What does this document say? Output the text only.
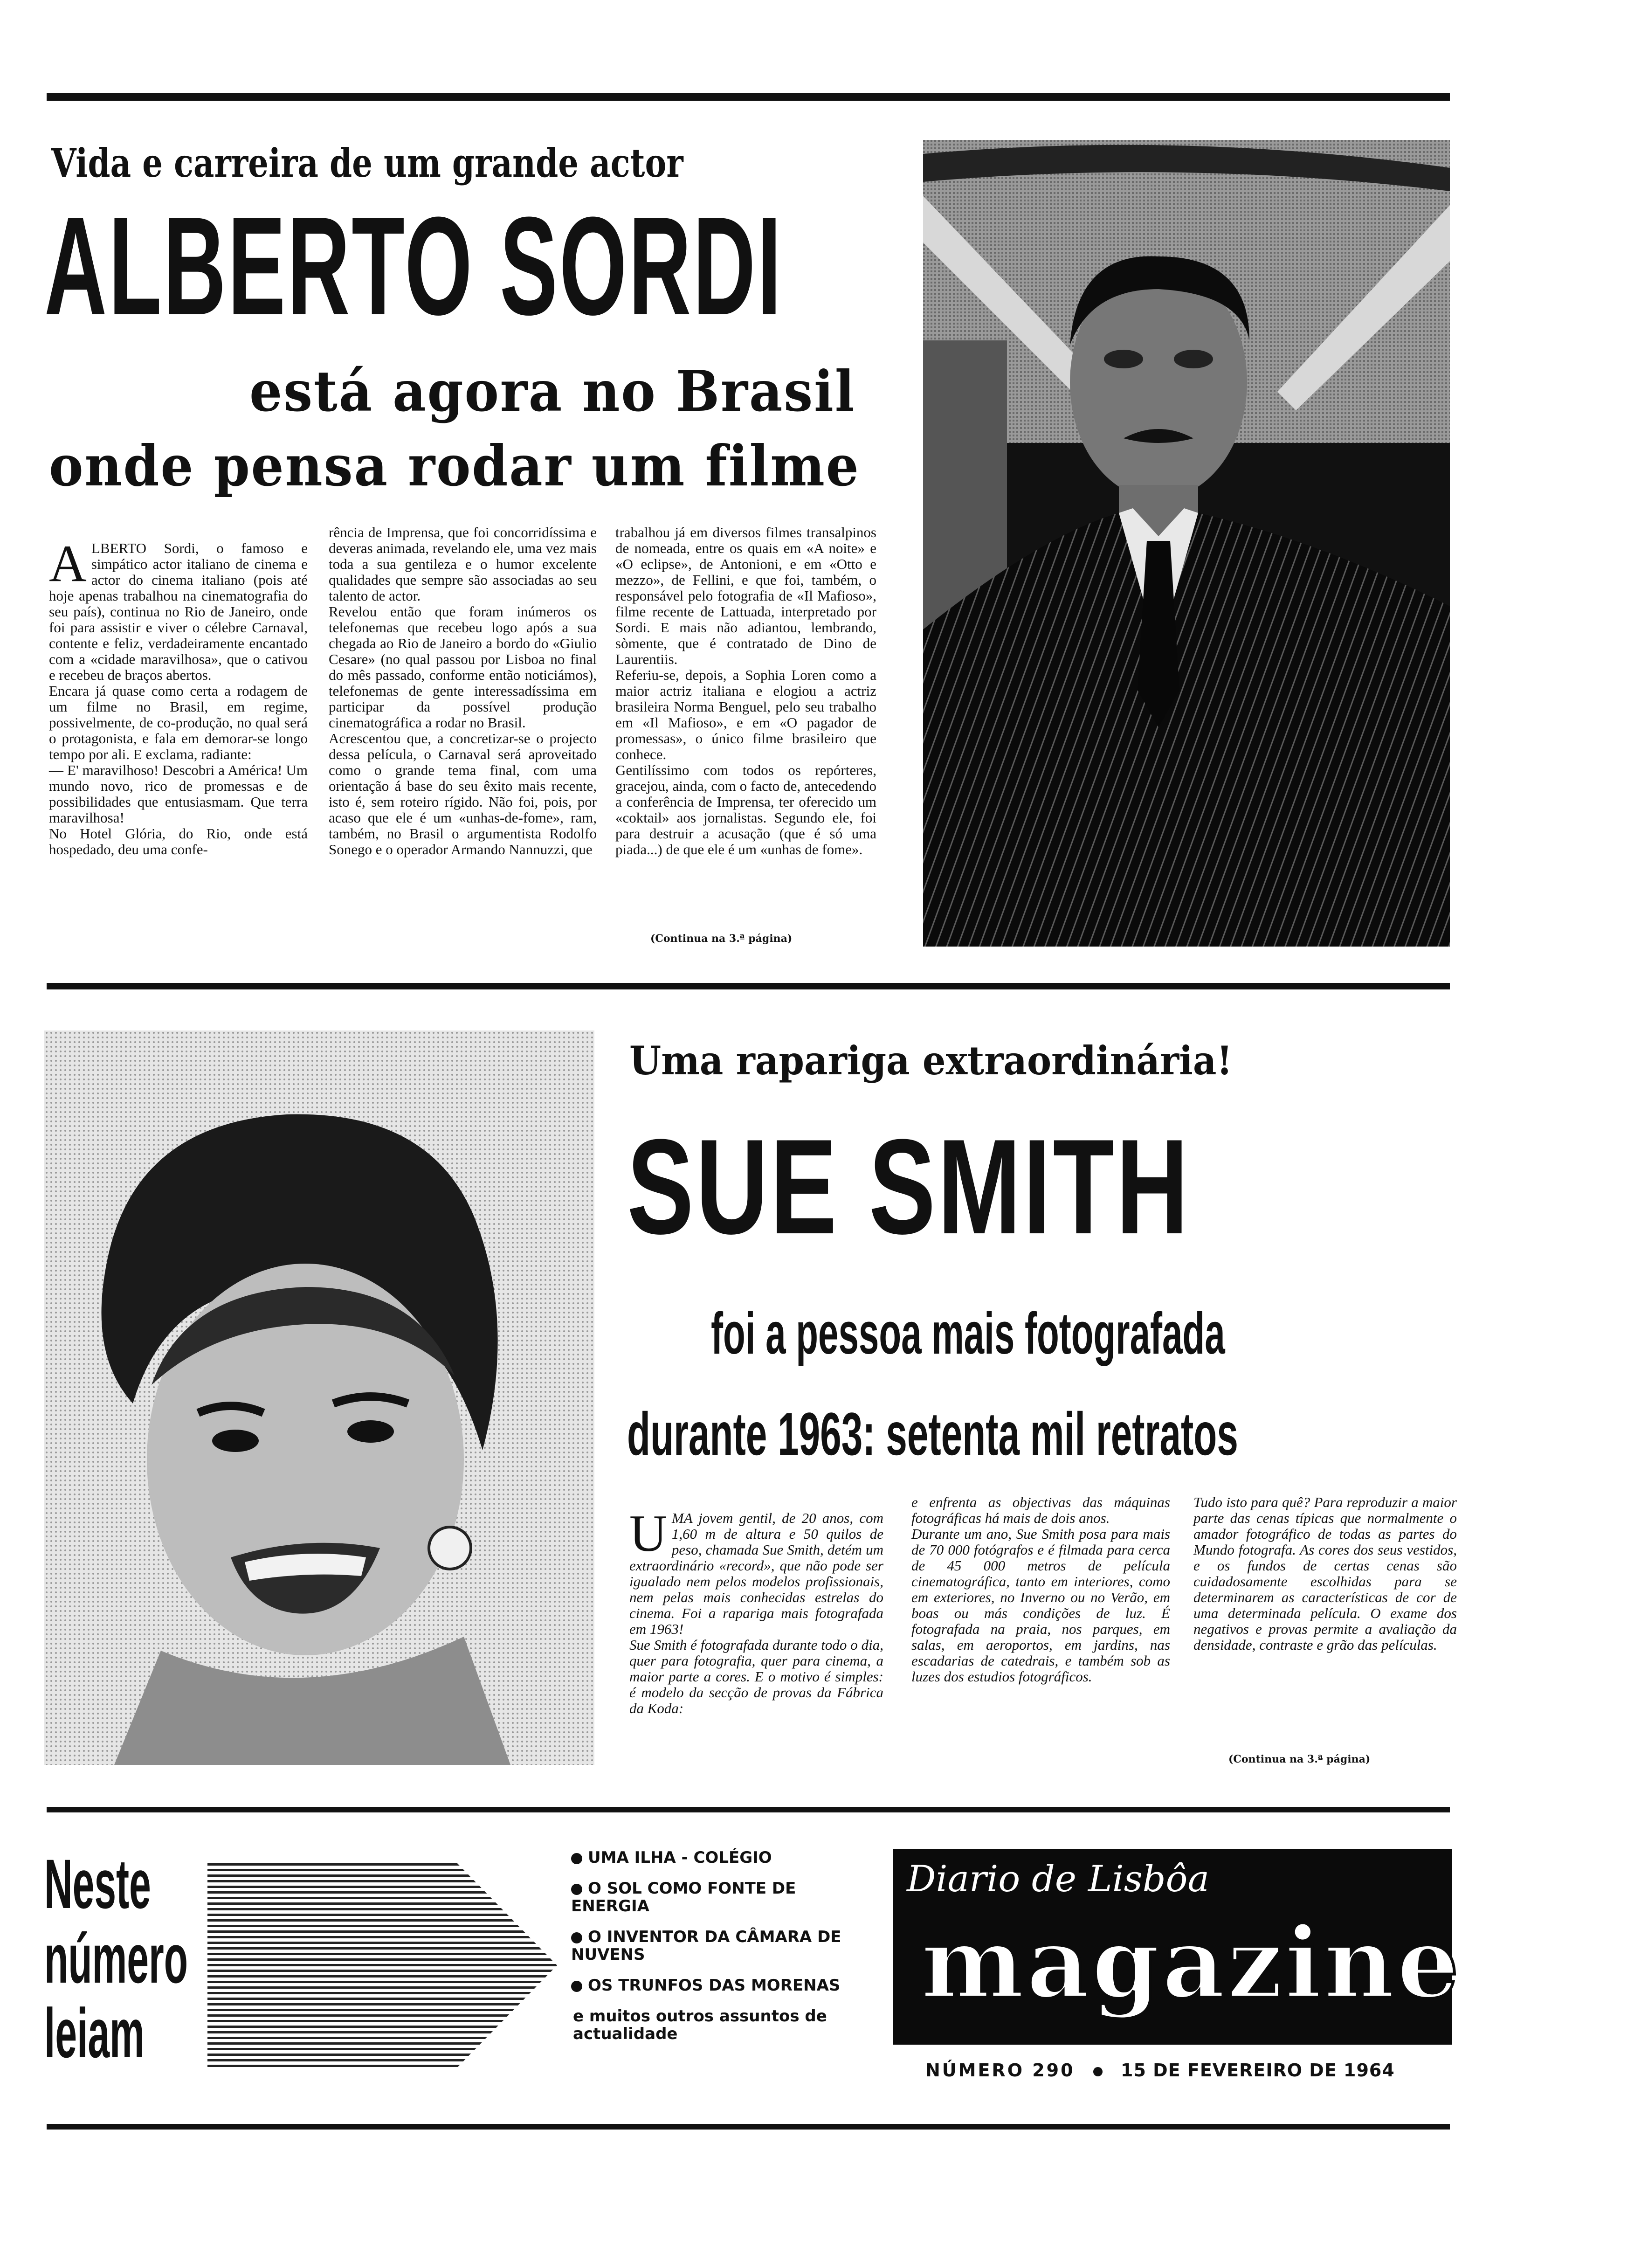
Vida e carreira de um grande actor
ALBERTO SORDI
está agora no Brasil
onde pensa rodar um filme

ALBERTO Sordi, o famoso e simpático actor italiano de cinema e actor do cinema italiano (pois até hoje apenas trabalhou na cinematografia do seu país), continua no Rio de Janeiro, onde foi para assistir e viver o célebre Carnaval, contente e feliz, verdadeiramente encantado com a «cidade maravilhosa», que o cativou e recebeu de braços abertos.
Encara já quase como certa a rodagem de um filme no Brasil, em regime, possivelmente, de co-produção, no qual será o protagonista, e fala em demorar-se longo tempo por ali. E exclama, radiante:
— E' maravilhoso! Descobri a América! Um mundo novo, rico de promessas e de possibilidades que entusiasmam. Que terra maravilhosa!
No Hotel Glória, do Rio, onde está hospedado, deu uma confe-

rência de Imprensa, que foi concorridíssima e deveras animada, revelando ele, uma vez mais toda a sua gentileza e o humor excelente qualidades que sempre são associadas ao seu talento de actor.
Revelou então que foram inúmeros os telefonemas que recebeu logo após a sua chegada ao Rio de Janeiro a bordo do «Giulio Cesare» (no qual passou por Lisboa no final do mês passado, conforme então noticiámos), telefonemas de gente interessadíssima em participar da possível produção cinematográfica a rodar no Brasil.
Acrescentou que, a concretizar-se o projecto dessa película, o Carnaval será aproveitado como o grande tema final, com uma orientação á base do seu êxito mais recente, isto é, sem roteiro rígido. Não foi, pois, por acaso que ele é um «unhas-de-fome», ram, também, no Brasil o argumentista Rodolfo Sonego e o operador Armando Nannuzzi, que
trabalhou já em diversos filmes transalpinos de nomeada, entre os quais em «A noite» e «O eclipse», de Antonioni, e em «Otto e mezzo», de Fellini, e que foi, também, o responsável pelo fotografia de «Il Mafioso», filme recente de Lattuada, interpretado por Sordi. E mais não adiantou, lembrando, sòmente, que é contratado de Dino de Laurentiis.
Referiu-se, depois, a Sophia Loren como a maior actriz italiana e elogiou a actriz brasileira Norma Benguel, pelo seu trabalho em «Il Mafioso», e em «O pagador de promessas», o único filme brasileiro que conhece.
Gentilíssimo com todos os repórteres, gracejou, ainda, com o facto de, antecedendo a conferência de Imprensa, ter oferecido um «coktail» aos jornalistas. Segundo ele, foi para destruir a acusação (que é só uma piada...) de que ele é um «unhas de fome».
(Continua na 3.ª página)
Uma rapariga extraordinária!
SUE SMITH
foi a pessoa mais fotografada
durante 1963: setenta mil retratos

UMA jovem gentil, de 20 anos, com 1,60 m de altura e 50 quilos de peso, chamada Sue Smith, detém um extraordinário «record», que não pode ser igualado nem pelos modelos profissionais, nem pelas mais conhecidas estrelas do cinema. Foi a rapariga mais fotografada em 1963!
Sue Smith é fotografada durante todo o dia, quer para fotografia, quer para cinema, a maior parte a cores. E o motivo é simples: é modelo da secção de provas da Fábrica da Koda:

e enfrenta as objectivas das máquinas fotográficas há mais de dois anos.
Durante um ano, Sue Smith posa para mais de 70 000 fotógrafos e é filmada para cerca de 45 000 metros de película cinematográfica, tanto em interiores, como em exteriores, no Inverno ou no Verão, em boas ou más condições de luz. É fotografada na praia, nos parques, em salas, em aeroportos, em jardins, nas escadarias de catedrais, e também sob as luzes dos estudios fotográficos.
Tudo isto para quê? Para reproduzir a maior parte das cenas típicas que normalmente o amador fotográfico de todas as partes do Mundo fotografa. As cores dos seus vestidos, e os fundos de certas cenas são cuidadosamente escolhidas para se determinarem as características de cor de uma determinada película. O exame dos negativos e provas permite a avaliação da densidade, contraste e grão das películas.
(Continua na 3.ª página)
Neste
número
leiam
UMA ILHA - COLÉGIO
O SOL COMO FONTE DE ENERGIA
O INVENTOR DA CÂMARA DE NUVENS
OS TRUNFOS DAS MORENAS
e muitos outros assuntos de actualidade
Diario de Lisbôa
magazine
NÚMERO 290	15 DE FEVEREIRO DE 1964
